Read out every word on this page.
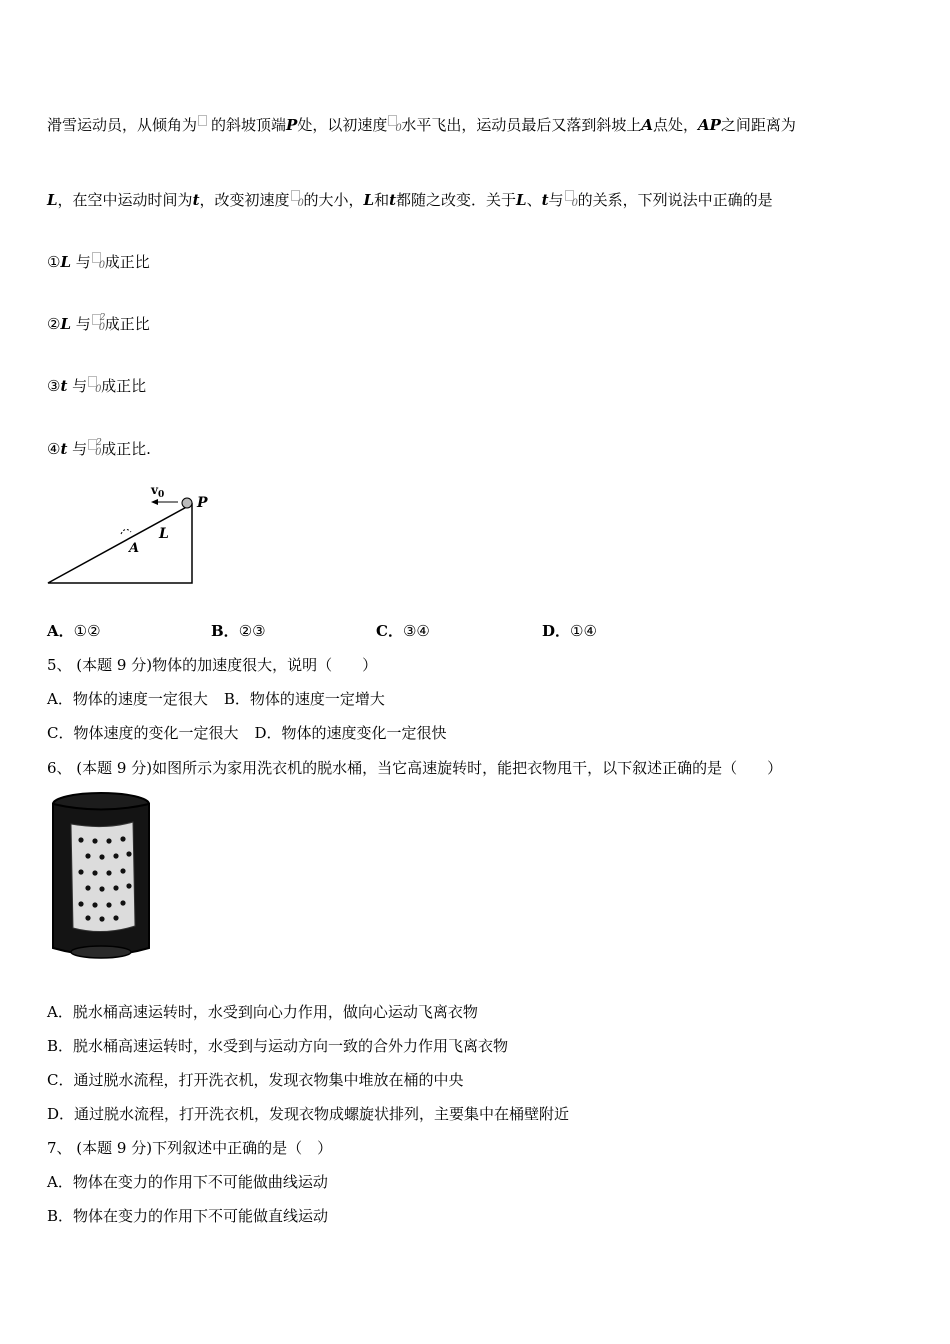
滑雪运动员，从倾角为 的斜坡顶端P处，以初速度 0 水平飞出，运动员最后又落到斜坡上A点处，AP之间距离为
L，在空中运动时间为t，改变初速度 0 的大小，L和t都随之改变．关于L、t与 0 的关系，下列说法中正确的是
①L 与 0 成正比
②L 与 2
0 成正比
③t 与 0 成正比
④t 与 2
0 成正比.
$v_0$ P
L
A
A．①②	B．②③	C．③④	D．①④
5、 (本题 9 分)物体的加速度很大，说明（　　）
A．物体的速度一定很大 B．物体的速度一定增大
C．物体速度的变化一定很大 D．物体的速度变化一定很快
6、 (本题 9 分)如图所示为家用洗衣机的脱水桶，当它高速旋转时，能把衣物甩干，以下叙述正确的是（　　）
A．脱水桶高速运转时，水受到向心力作用，做向心运动飞离衣物
B．脱水桶高速运转时，水受到与运动方向一致的合外力作用飞离衣物
C．通过脱水流程，打开洗衣机，发现衣物集中堆放在桶的中央
D．通过脱水流程，打开洗衣机，发现衣物成螺旋状排列，主要集中在桶壁附近
7、 (本题 9 分)下列叙述中正确的是（　）
A．物体在变力的作用下不可能做曲线运动
B．物体在变力的作用下不可能做直线运动
